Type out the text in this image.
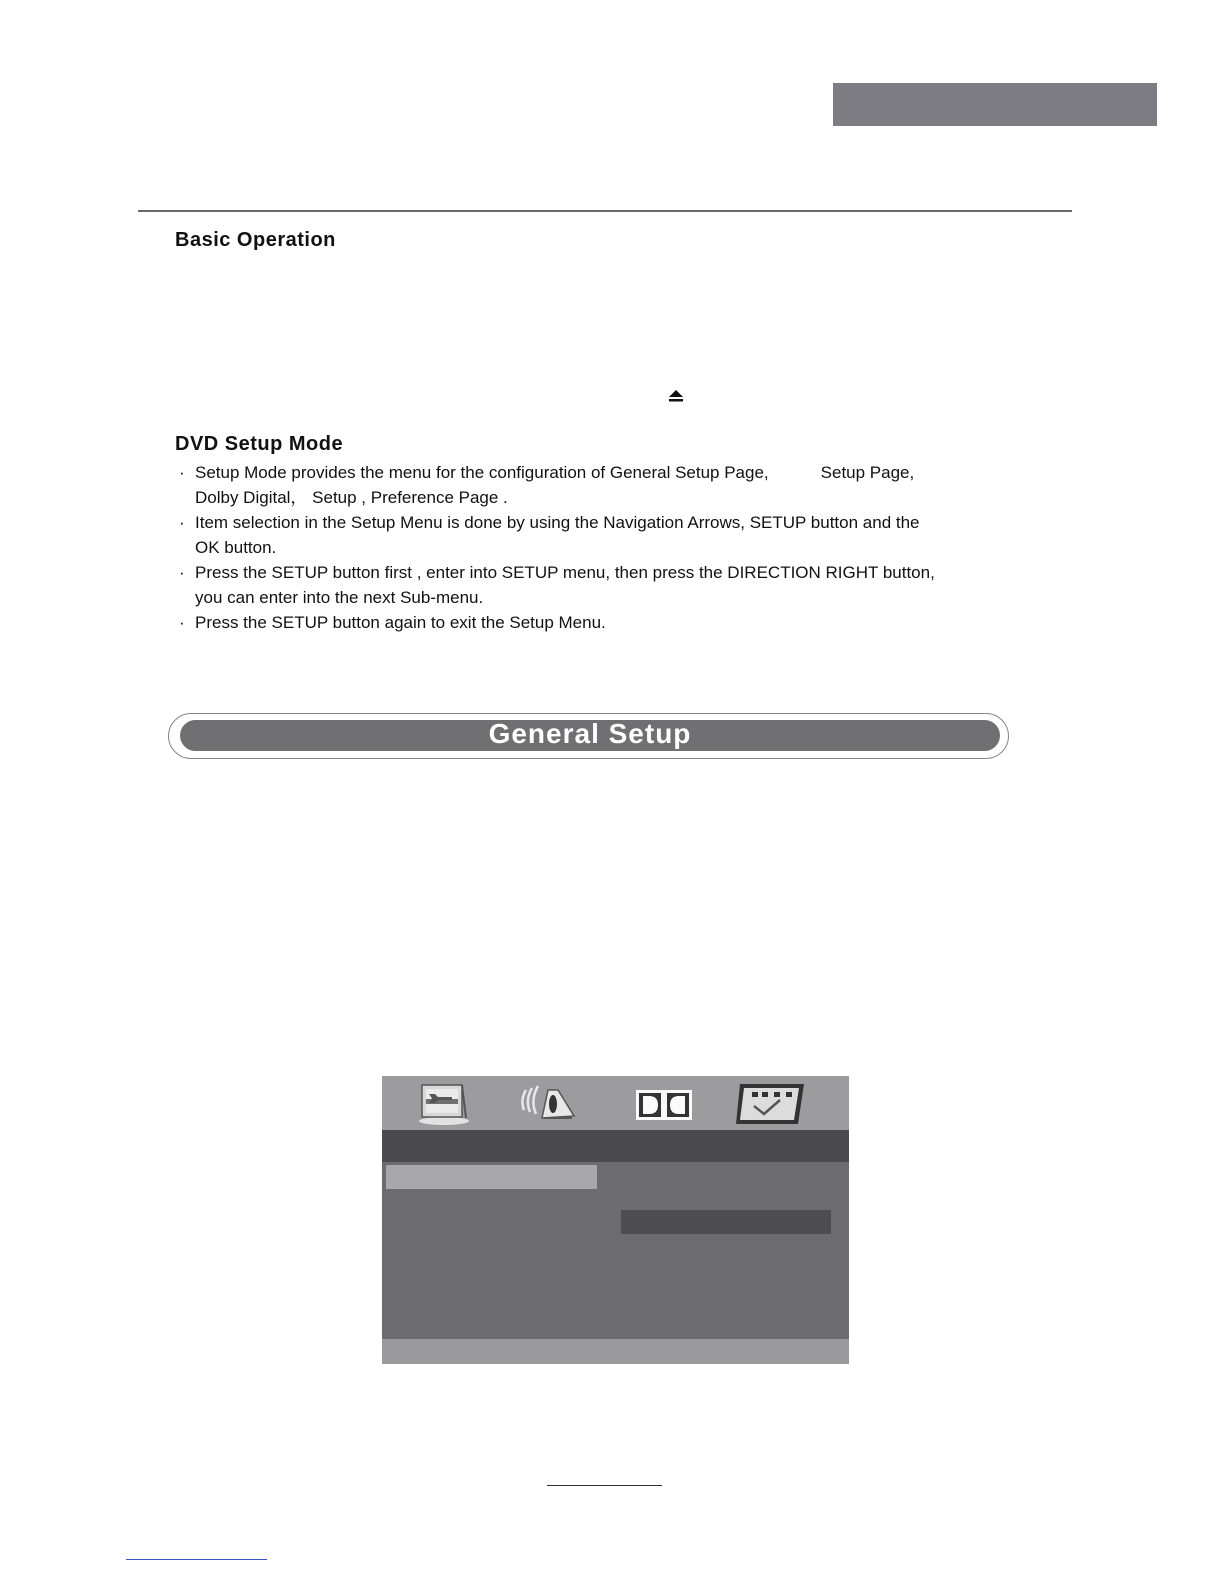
Basic Operation
DVD Setup Mode
· Setup Mode provides the menu for the configuration of General Setup Page,	Setup Page,
Dolby Digital， Setup , Preference Page .
· Item selection in the Setup Menu is done by using the Navigation Arrows, SETUP button and the
OK button.
· Press the SETUP button first , enter into SETUP menu, then press the DIRECTION RIGHT button,
you can enter into the next Sub-menu.
· Press the SETUP button again to exit the Setup Menu.
General Setup
